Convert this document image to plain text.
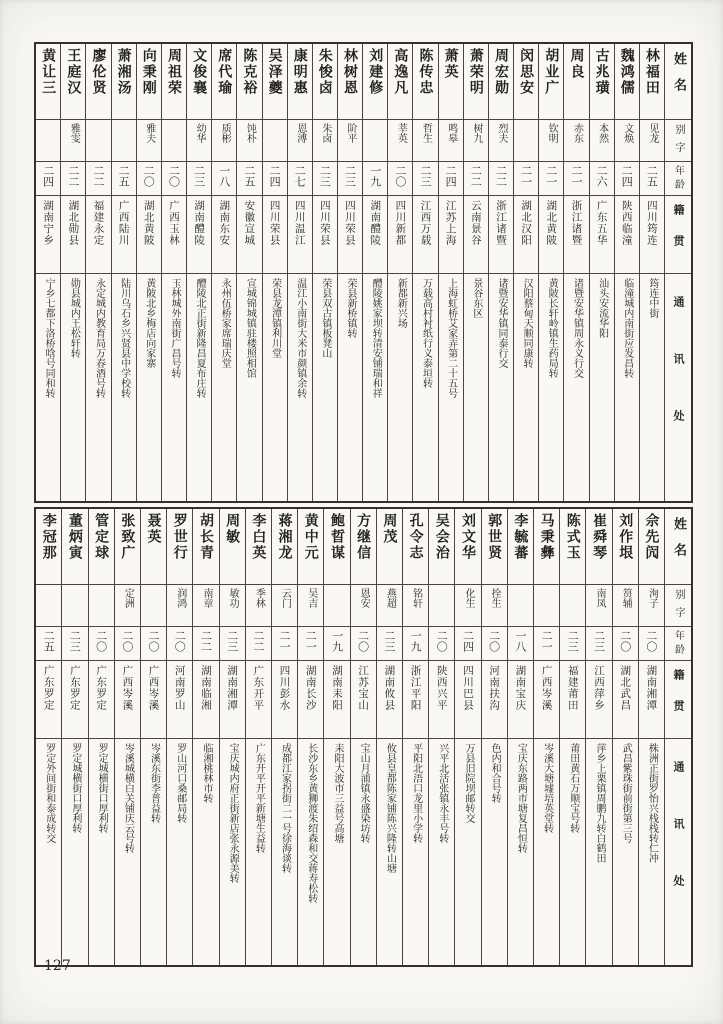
姓名
别字
年龄
籍贯
通讯处
林福田
见龙
二五
四川筠连
筠连中街
魏鸿儒
文焕
二四
陕西临潼
临潼城内南街应发昌转
古兆璜
本然
二六
广东五华
汕头安流华阳
周良
赤东
二一
浙江诸暨
诸暨安华镇周永义行交
胡业广
钦明
二一
湖北黄陂
黄陂长轩岭镇生药局转
闵思安
二一
湖北汉阳
汉阳蔡甸天顺同康转
周宏勋
烈夫
二二
浙江诸暨
诸暨安华镇同泰行交
萧荣明
树九
二二
云南景谷
景谷东区
萧英
鸣皋
二四
江苏上海
上海虹桥艾家弄第二十五号
陈传忠
哲生
二三
江西万载
万载高村衬纸行义泰垣转
高逸凡
莘英
二〇
四川新都
新都新兴场
刘建修
一九
湖南醴陵
醴陵姚家坝转清安铺瑞和祥
林树恩
阶平
二三
四川荣县
荣县新桥镇转
朱悛卤
朱卤
二三
四川荣县
荣县双古镇板凳山
康明惠
恩溥
二七
四川温江
温江小南街大米市颜镇余转
吴泽夔
二四
四川荣县
荣县龙潭镇利川堂
陈克裕
饨朴
二五
安徽宣城
宣城锦城镇驻楼照相馆
席代瑜
质彬
一八
湖南东安
永州伍桥家席瑞庆堂
文俊襄
幼华
二三
湖南醴陵
醴陵北正街新隆昌夏布庄转
周祖荣
二〇
广西玉林
玉林城外南街广昌号转
向秉刚
雅夫
二〇
湖北黄陂
黄陂北乡梅店向家寨
萧湘汤
二五
广西陆川
陆川乌石乡兴贤县中学校转
廖伦贤
二二
福建永定
永定城内教育局万春酒号转
王庭汉
雅雯
二二
湖北勋县
勋县城内王松轩转
黄让三
二四
湖南宁乡
宁乡七都下洛桥唅号同和转
姓名
别字
年龄
籍贯
通讯处
佘先闶
洵子
二〇
湖南湘潭
株洲正街罗怡兴栈栈转仁冲
刘作垠
筼辅
二〇
湖北武昌
武昌紫珠街前街第三号
崔舜琴
南凤
二三
江西萍乡
萍乡上栗镇周鹏九转白鹤田
陈式玉
二三
福建莆田
莆田黄石万顺宝号转
马秉彝
二一
广西岑溪
岑溪大塘墟培英堂转
李毓蕃
一八
湖南宝庆
宝庆东路两市塘复昌恒转
郭世贤
拴生
二〇
河南扶沟
色内和合号转
刘文华
化生
二四
四川巴县
万县旧院坝邮转交
吴会治
二〇
陕西兴平
兴平北活张镇永丰号转
孔令志
铭轩
一九
浙江平阳
平阳北浯口龙里小学转
周茂
燕超
二三
湖南攸县
攸县皇都陈家铺陈兴隆转山塘
方继信
恩安
二〇
江苏宝山
宝山月浦镇永盛染坊转
鲍晢谋
一九
湖南耒阳
耒阳大波市三益号高塘
黄中元
吴吉
二一
湖南长沙
长沙东乡黄狮渡朱绍森和交蒋寿松转
蒋湘龙
云门
二一
四川彭水
成都江家拐街二一号徐海谈转
李白英
季林
二二
广东开平
广东开平开平新塘生益转
周敏
敏功
二三
湖南湘潭
宝庆城内府正街新店张永源美转
胡长青
南章
二二
湖南临湘
临湘桃林市转
罗世行
润鸿
二〇
河南罗山
罗山河口桑邮局转
聂英
二〇
广西岑溪
岑溪东街李普益转
张致广
定洲
二〇
广西岑溪
岑溪城横白关铺庆云号转
管定球
二〇
广东罗定
罗定城横街口厚利转
董炳寅
二三
广东罗定
罗定城横街口厚利转
李冠那
二五
广东罗定
罗定外间街和泰成转交
127
